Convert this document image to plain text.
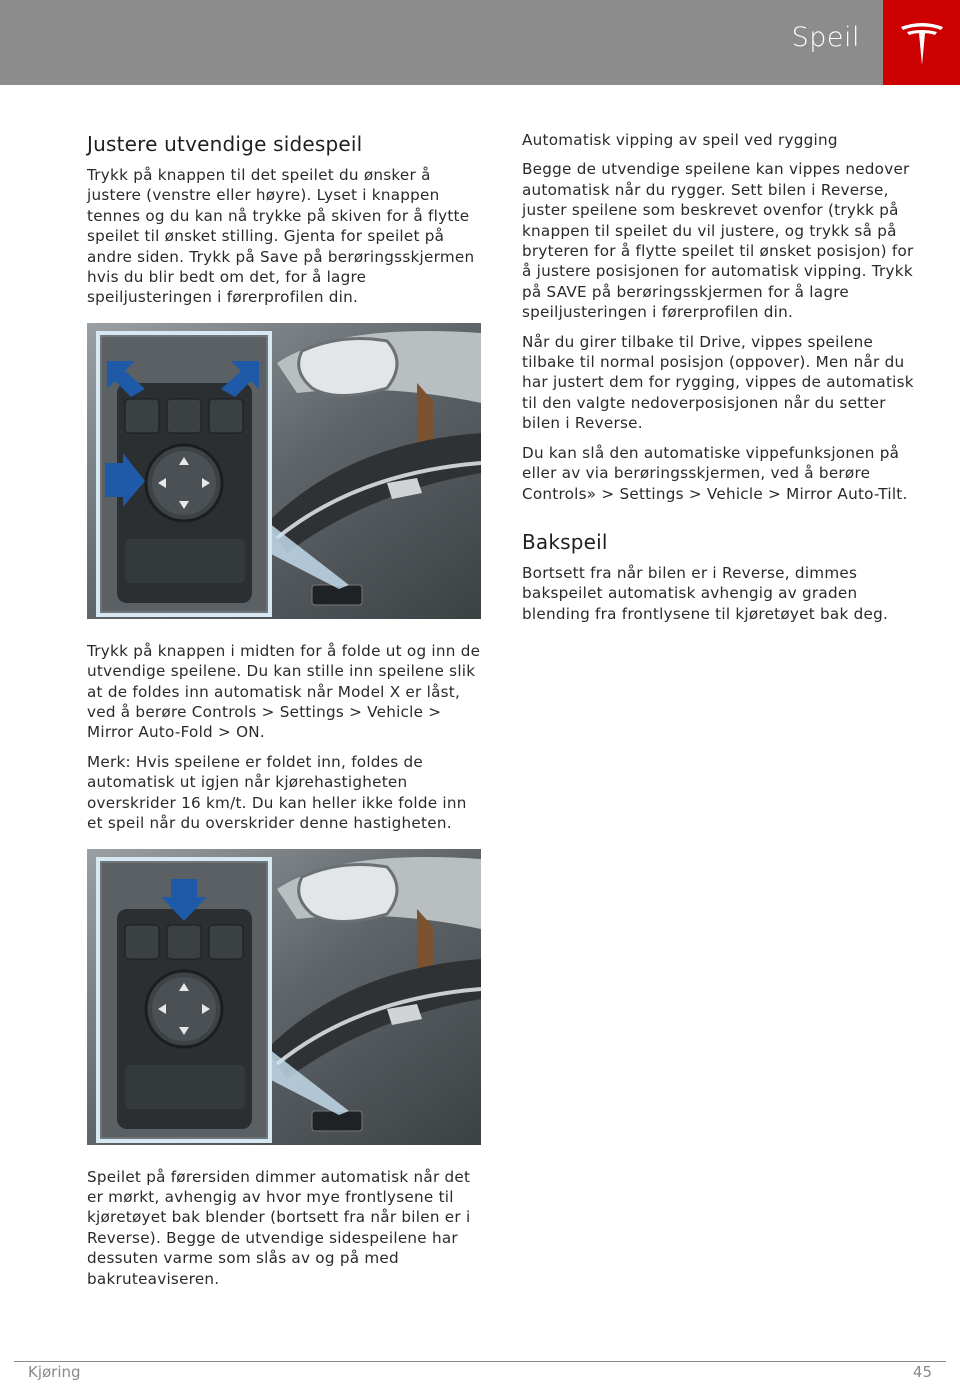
Speil
Justere utvendige sidespeil

Trykk på knappen til det speilet du ønsker å justere (venstre eller høyre). Lyset i knappen tennes og du kan nå trykke på skiven for å flytte speilet til ønsket stilling. Gjenta for speilet på andre siden. Trykk på Save på berøringsskjermen hvis du blir bedt om det, for å lagre speiljusteringen i førerprofilen din.

Trykk på knappen i midten for å folde ut og inn de utvendige speilene. Du kan stille inn speilene slik at de foldes inn automatisk når Model X er låst, ved å berøre Controls > Settings > Vehicle > Mirror Auto-Fold > ON.

Merk: Hvis speilene er foldet inn, foldes de automatisk ut igjen når kjørehastigheten overskrider 16 km/t. Du kan heller ikke folde inn et speil når du overskrider denne hastigheten.

Speilet på førersiden dimmer automatisk når det er mørkt, avhengig av hvor mye frontlysene til kjøretøyet bak blender (bortsett fra når bilen er i Reverse). Begge de utvendige sidespeilene har dessuten varme som slås av og på med bakruteaviseren.

Automatisk vipping av speil ved rygging

Begge de utvendige speilene kan vippes nedover automatisk når du rygger. Sett bilen i Reverse, juster speilene som beskrevet ovenfor (trykk på knappen til speilet du vil justere, og trykk så på bryteren for å flytte speilet til ønsket posisjon) for å justere posisjonen for automatisk vipping. Trykk på SAVE på berøringsskjermen for å lagre speiljusteringen i førerprofilen din.

Når du girer tilbake til Drive, vippes speilene tilbake til normal posisjon (oppover). Men når du har justert dem for rygging, vippes de automatisk til den valgte nedoverposisjonen når du setter bilen i Reverse.

Du kan slå den automatiske vippefunksjonen på eller av via berøringsskjermen, ved å berøre Controls» > Settings > Vehicle > Mirror Auto-Tilt.

Bakspeil

Bortsett fra når bilen er i Reverse, dimmes bakspeilet automatisk avhengig av graden blending fra frontlysene til kjøretøyet bak deg.

Kjøring	45
